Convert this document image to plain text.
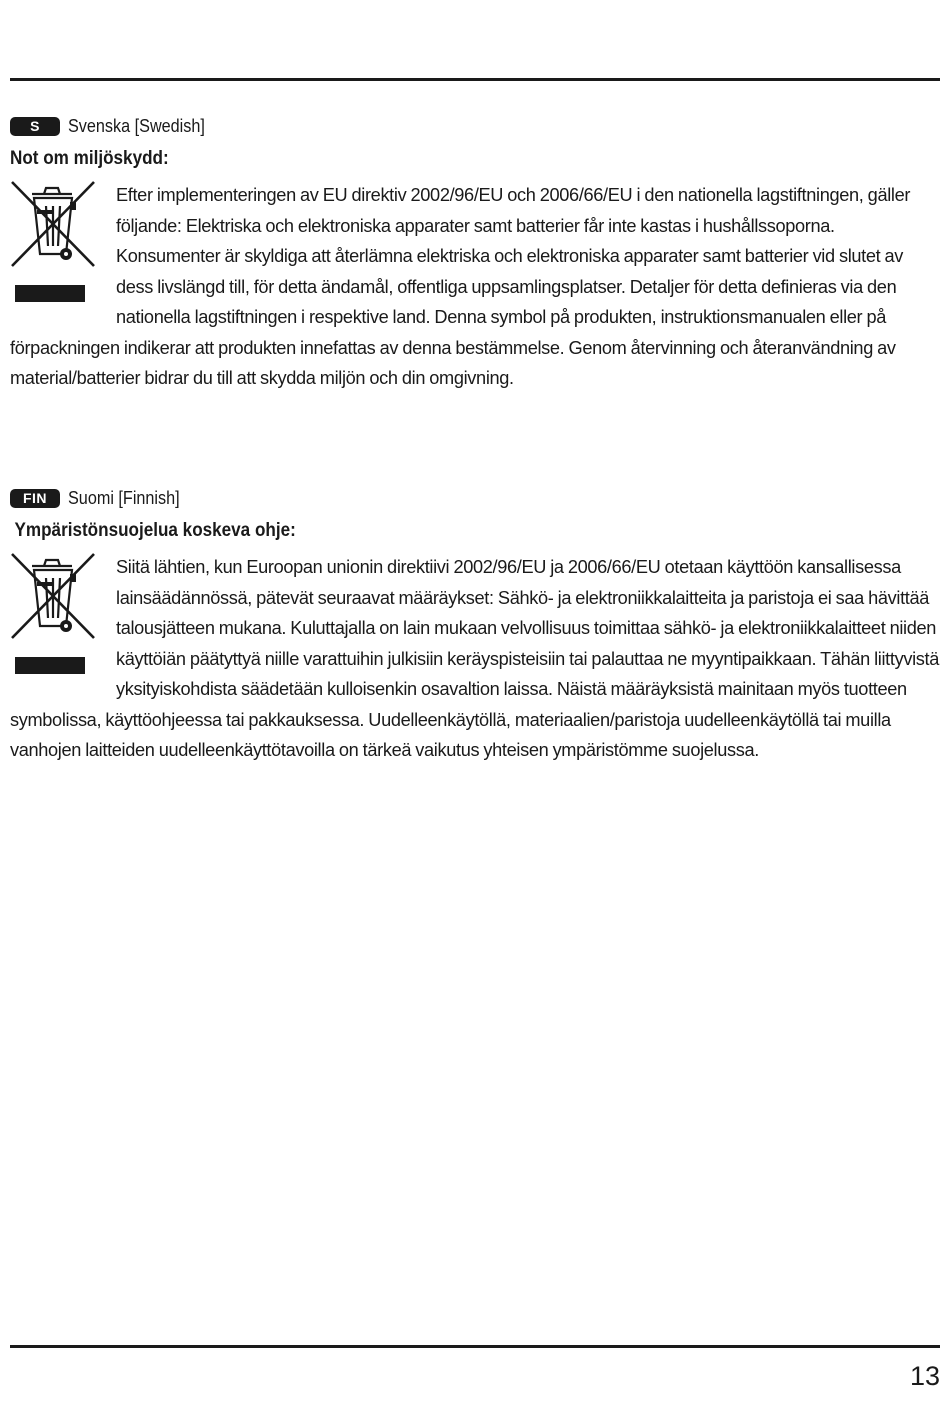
S	Svenska [Swedish]
Not om miljöskydd:

Efter implementeringen av EU direktiv 2002/96/EU och 2006/66/EU i den nationella lagstiftningen, gäller följande: Elektriska och elektroniska apparater samt batterier får inte kastas i hushållssoporna. Konsumenter är skyldiga att återlämna elektriska och elektroniska apparater samt batterier vid slutet av dess livslängd till, för detta ändamål, offentliga uppsamlingsplatser. Detaljer för detta definieras via den nationella lagstiftningen i respektive land. Denna symbol på produkten, instruktionsmanualen eller på förpackningen indikerar att produkten innefattas av denna bestämmelse. Genom återvinning och återanvändning av material/batterier bidrar du till att skydda miljön och din omgivning.

FIN	Suomi [Finnish]
Ympäristönsuojelua koskeva ohje:

Siitä lähtien, kun Euroopan unionin direktiivi 2002/96/EU ja 2006/66/EU otetaan käyttöön kansallisessa lainsäädännössä, pätevät seuraavat määräykset: Sähkö- ja elektroniikkalaitteita ja paristoja ei saa hävittää talousjätteen mukana. Kuluttajalla on lain mukaan velvollisuus toimittaa sähkö- ja elektroniikkalaitteet niiden käyttöiän päätyttyä niille varattuihin julkisiin keräyspisteisiin tai palauttaa ne myyntipaikkaan. Tähän liittyvistä yksityiskohdista säädetään kulloisenkin osavaltion laissa. Näistä määräyksistä mainitaan myös tuotteen symbolissa, käyttöohjeessa tai pakkauksessa. Uudelleenkäytöllä, materiaalien/paristoja uudelleenkäytöllä tai muilla vanhojen laitteiden uudelleenkäyttötavoilla on tärkeä vaikutus yhteisen ympäristömme suojelussa.

13
